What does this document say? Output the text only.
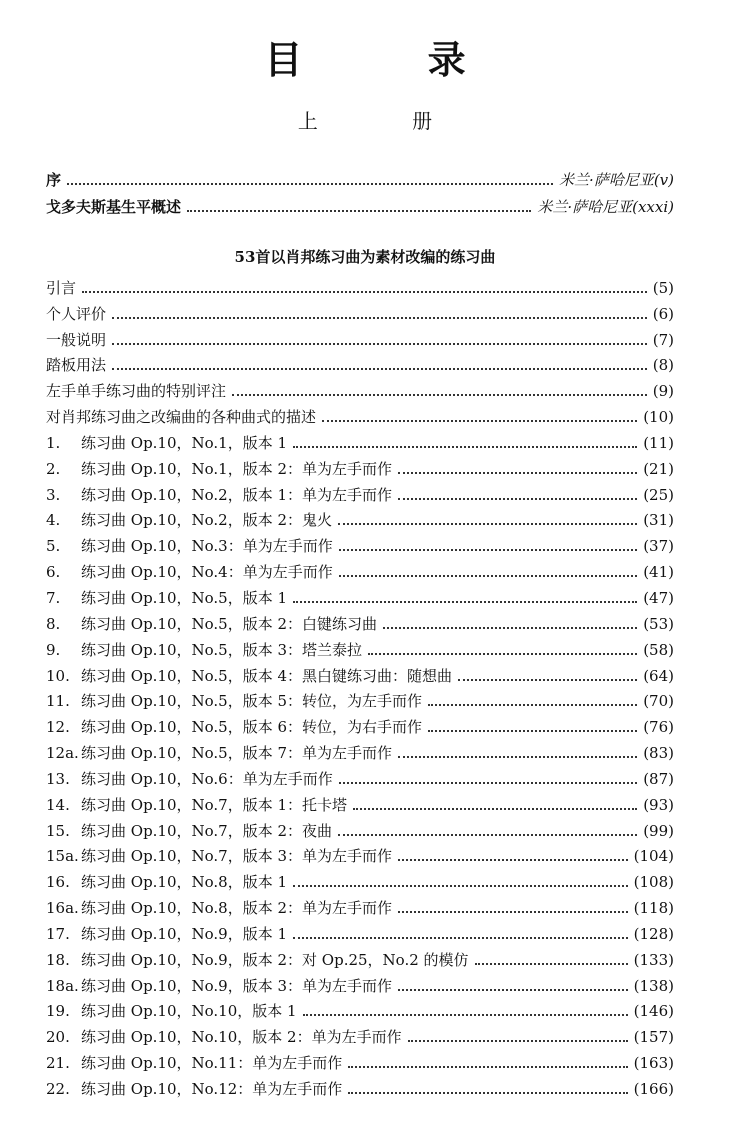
目 录
上 册
序	米兰·萨哈尼亚(v)
戈多夫斯基生平概述	米兰·萨哈尼亚(xxxi)
53首以肖邦练习曲为素材改编的练习曲
引言	(5)
个人评价	(6)
一般说明	(7)
踏板用法	(8)
左手单手练习曲的特别评注	(9)
对肖邦练习曲之改编曲的各种曲式的描述	(10)
1.	练习曲 Op.10，No.1，版本 1	(11)
2.	练习曲 Op.10，No.1，版本 2：单为左手而作	(21)
3.	练习曲 Op.10，No.2，版本 1：单为左手而作	(25)
4.	练习曲 Op.10，No.2，版本 2：鬼火	(31)
5.	练习曲 Op.10，No.3：单为左手而作	(37)
6.	练习曲 Op.10，No.4：单为左手而作	(41)
7.	练习曲 Op.10，No.5，版本 1	(47)
8.	练习曲 Op.10，No.5，版本 2：白键练习曲	(53)
9.	练习曲 Op.10，No.5，版本 3：塔兰泰拉	(58)
10. 练习曲 Op.10，No.5，版本 4：黑白键练习曲：随想曲	(64)
11. 练习曲 Op.10，No.5，版本 5：转位，为左手而作	(70)
12. 练习曲 Op.10，No.5，版本 6：转位，为右手而作	(76)
12a. 练习曲 Op.10，No.5，版本 7：单为左手而作	(83)
13. 练习曲 Op.10，No.6：单为左手而作	(87)
14. 练习曲 Op.10，No.7，版本 1：托卡塔	(93)
15. 练习曲 Op.10，No.7，版本 2：夜曲	(99)
15a. 练习曲 Op.10，No.7，版本 3：单为左手而作	(104)
16. 练习曲 Op.10，No.8，版本 1	(108)
16a. 练习曲 Op.10，No.8，版本 2：单为左手而作	(118)
17. 练习曲 Op.10，No.9，版本 1	(128)
18. 练习曲 Op.10，No.9，版本 2：对 Op.25，No.2 的模仿	(133)
18a. 练习曲 Op.10，No.9，版本 3：单为左手而作	(138)
19. 练习曲 Op.10，No.10，版本 1	(146)
20. 练习曲 Op.10，No.10，版本 2：单为左手而作	(157)
21. 练习曲 Op.10，No.11：单为左手而作	(163)
22. 练习曲 Op.10，No.12：单为左手而作	(166)
